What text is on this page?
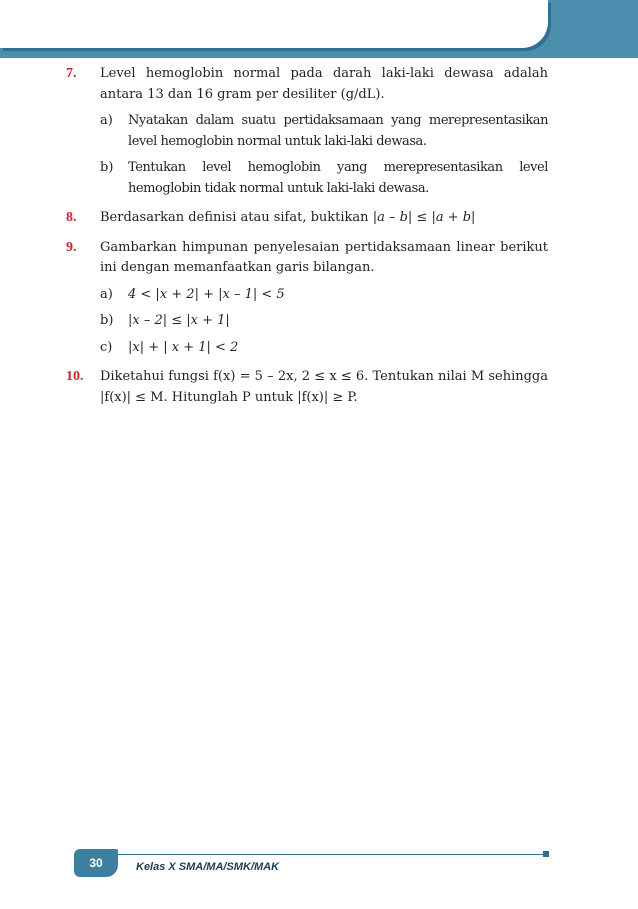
7. Level hemoglobin normal pada darah laki-laki dewasa adalah antara 13 dan 16 gram per desiliter (g/dL).

a) Nyatakan dalam suatu pertidaksamaan yang merepresentasikan level hemoglobin normal untuk laki-laki dewasa.

b) Tentukan level hemoglobin yang merepresentasikan level hemoglobin tidak normal untuk laki-laki dewasa.

8. Berdasarkan definisi atau sifat, buktikan |a – b| ≤ |a + b|

9. Gambarkan himpunan penyelesaian pertidaksamaan linear berikut ini dengan memanfaatkan garis bilangan.

a) 4 < |x + 2| + |x – 1| < 5

b) |x – 2| ≤ |x + 1|

c) |x| + | x + 1| < 2

10. Diketahui fungsi f(x) = 5 – 2x, 2 ≤ x ≤ 6. Tentukan nilai M sehingga |f(x)| ≤ M. Hitunglah P untuk |f(x)| ≥ P.

30	Kelas X SMA/MA/SMK/MAK
